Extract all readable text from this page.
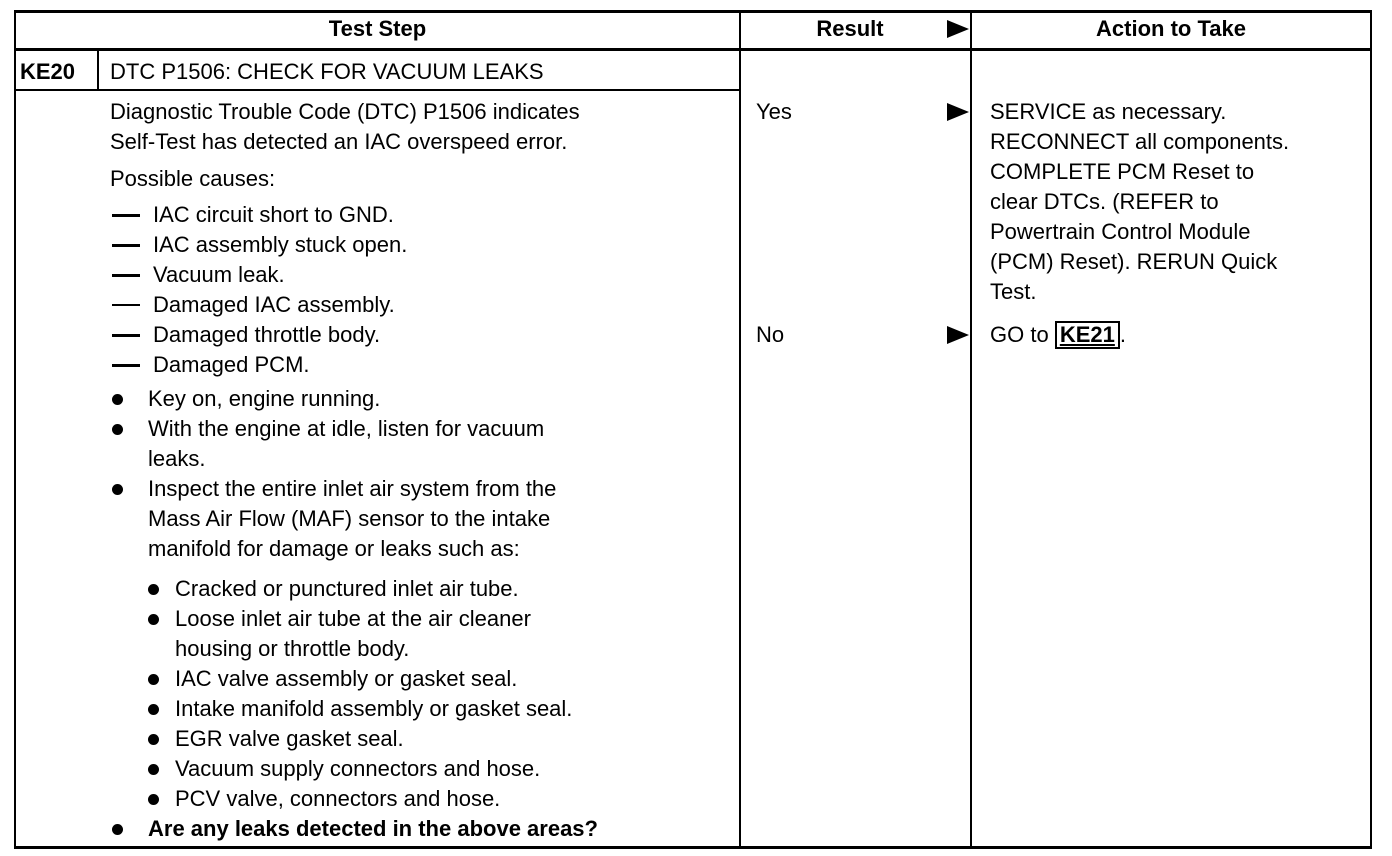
Test Step	Result	Action to Take
KE20 DTC P1506: CHECK FOR VACUUM LEAKS
Diagnostic Trouble Code (DTC) P1506 indicates
Self-Test has detected an IAC overspeed error.
Possible causes:
IAC circuit short to GND.
IAC assembly stuck open.
Vacuum leak.
Damaged IAC assembly.
Damaged throttle body.
Damaged PCM.
Key on, engine running.
With the engine at idle, listen for vacuum
leaks.
Inspect the entire inlet air system from the
Mass Air Flow (MAF) sensor to the intake
manifold for damage or leaks such as:
Cracked or punctured inlet air tube.
Loose inlet air tube at the air cleaner
housing or throttle body.
IAC valve assembly or gasket seal.
Intake manifold assembly or gasket seal.
EGR valve gasket seal.
Vacuum supply connectors and hose.
PCV valve, connectors and hose.
Are any leaks detected in the above areas?
Yes
No
SERVICE as necessary.
RECONNECT all components.
COMPLETE PCM Reset to
clear DTCs. (REFER to
Powertrain Control Module
(PCM) Reset). RERUN Quick
Test.
GO to KE21 .
